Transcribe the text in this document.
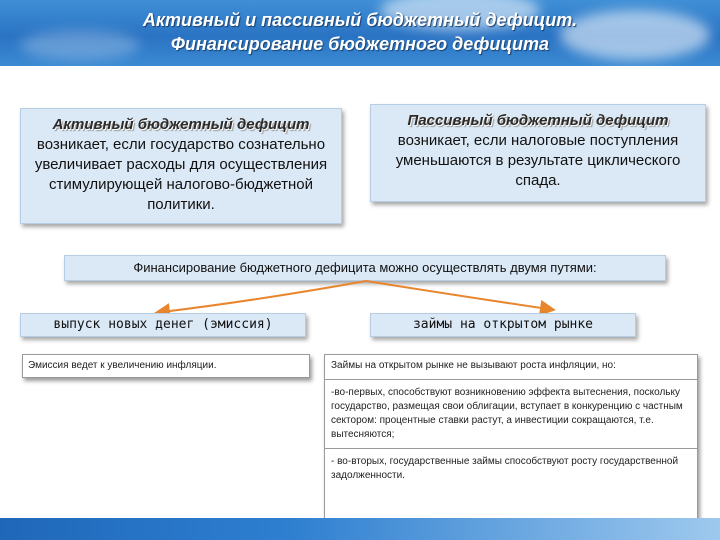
Активный и пассивный бюджетный дефицит.
Финансирование бюджетного дефицита
Активный бюджетный дефицит
возникает, если государство сознательно увеличивает расходы для осуществления стимулирующей налогово-бюджетной политики.
Пассивный бюджетный дефицит
возникает, если налоговые поступления уменьшаются в результате циклического спада.
Финансирование бюджетного дефицита можно осуществлять двумя путями:
выпуск новых денег (эмиссия)	займы на открытом рынке
Эмиссия ведет к увеличению инфляции.	Займы на открытом рынке не вызывают роста инфляции, но:

-во-первых, способствуют возникновению эффекта вытеснения, поскольку государство, размещая свои облигации, вступает в конкуренцию с частным сектором: процентные ставки растут, а инвестиции сокращаются, т.е. вытесняются;

- во-вторых, государственные займы способствуют росту государственной задолженности.
